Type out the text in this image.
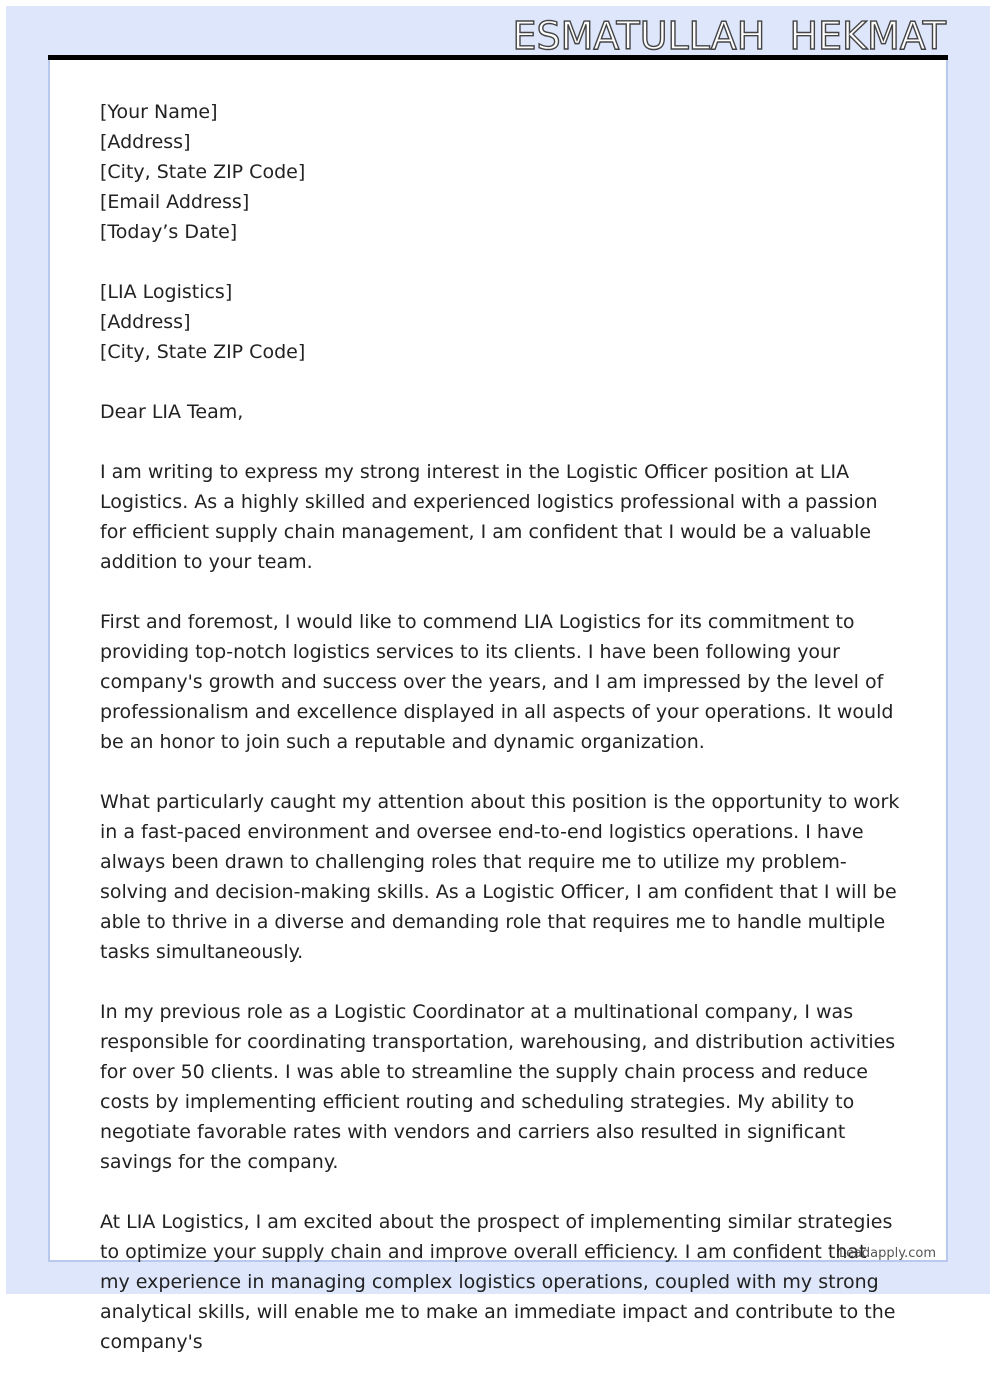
ESMATULLAH  HEKMAT

[Your Name]
[Address]
[City, State ZIP Code]
[Email Address]
[Today’s Date]

[LIA Logistics]
[Address]
[City, State ZIP Code]

Dear LIA Team,

I am writing to express my strong interest in the Logistic Officer position at LIA Logistics. As a highly skilled and experienced logistics professional with a passion for efficient supply chain management, I am confident that I would be a valuable addition to your team.

First and foremost, I would like to commend LIA Logistics for its commitment to providing top-notch logistics services to its clients. I have been following your company's growth and success over the years, and I am impressed by the level of professionalism and excellence displayed in all aspects of your operations. It would be an honor to join such a reputable and dynamic organization.

What particularly caught my attention about this position is the opportunity to work in a fast-paced environment and oversee end-to-end logistics operations. I have always been drawn to challenging roles that require me to utilize my problem-solving and decision-making skills. As a Logistic Officer, I am confident that I will be able to thrive in a diverse and demanding role that requires me to handle multiple tasks simultaneously.

In my previous role as a Logistic Coordinator at a multinational company, I was responsible for coordinating transportation, warehousing, and distribution activities for over 50 clients. I was able to streamline the supply chain process and reduce costs by implementing efficient routing and scheduling strategies. My ability to negotiate favorable rates with vendors and carriers also resulted in significant savings for the company.

At LIA Logistics, I am excited about the prospect of implementing similar strategies to optimize your supply chain and improve overall efficiency. I am confident that my experience in managing complex logistics operations, coupled with my strong analytical skills, will enable me to make an immediate impact and contribute to the company's

Leadapply.com
